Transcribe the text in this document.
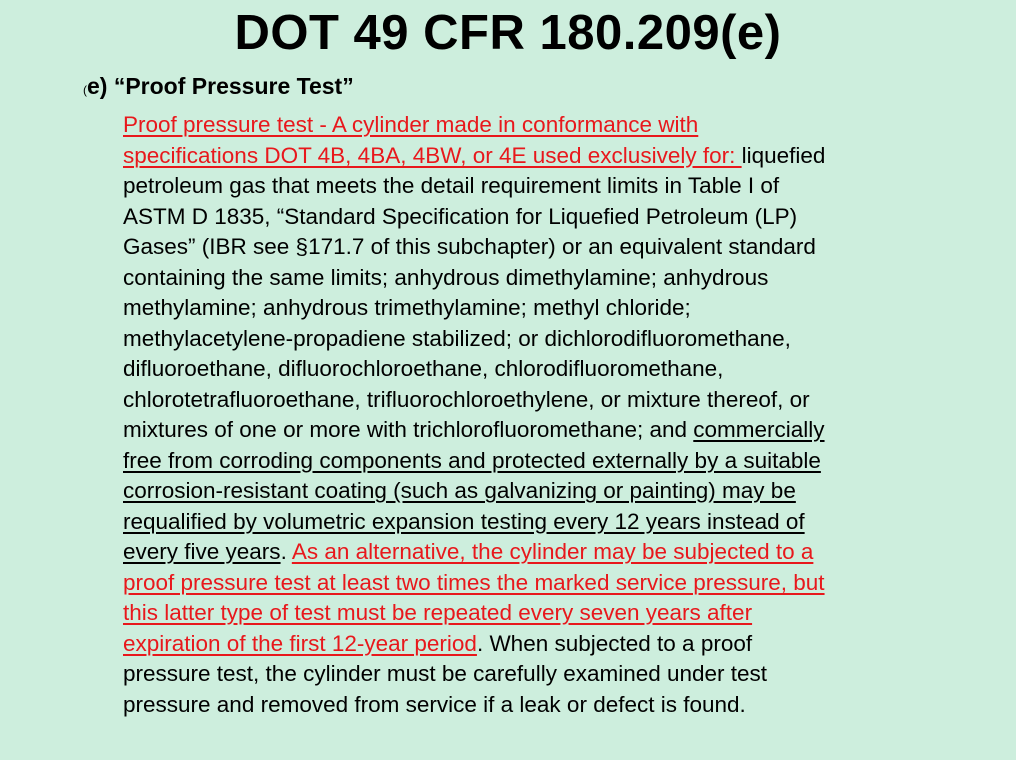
DOT 49 CFR 180.209(e)
(e) “Proof Pressure Test”
Proof pressure test - A cylinder made in conformance with
specifications DOT 4B, 4BA, 4BW, or 4E used exclusively for: liquefied
petroleum gas that meets the detail requirement limits in Table I of
ASTM D 1835, “Standard Specification for Liquefied Petroleum (LP)
Gases” (IBR see §171.7 of this subchapter) or an equivalent standard
containing the same limits; anhydrous dimethylamine; anhydrous
methylamine; anhydrous trimethylamine; methyl chloride;
methylacetylene-propadiene stabilized; or dichlorodifluoromethane,
difluoroethane, difluorochloroethane, chlorodifluoromethane,
chlorotetrafluoroethane, trifluorochloroethylene, or mixture thereof, or
mixtures of one or more with trichlorofluoromethane; and commercially
free from corroding components and protected externally by a suitable
corrosion-resistant coating (such as galvanizing or painting) may be
requalified by volumetric expansion testing every 12 years instead of
every five years. As an alternative, the cylinder may be subjected to a
proof pressure test at least two times the marked service pressure, but
this latter type of test must be repeated every seven years after
expiration of the first 12-year period. When subjected to a proof
pressure test, the cylinder must be carefully examined under test
pressure and removed from service if a leak or defect is found.
